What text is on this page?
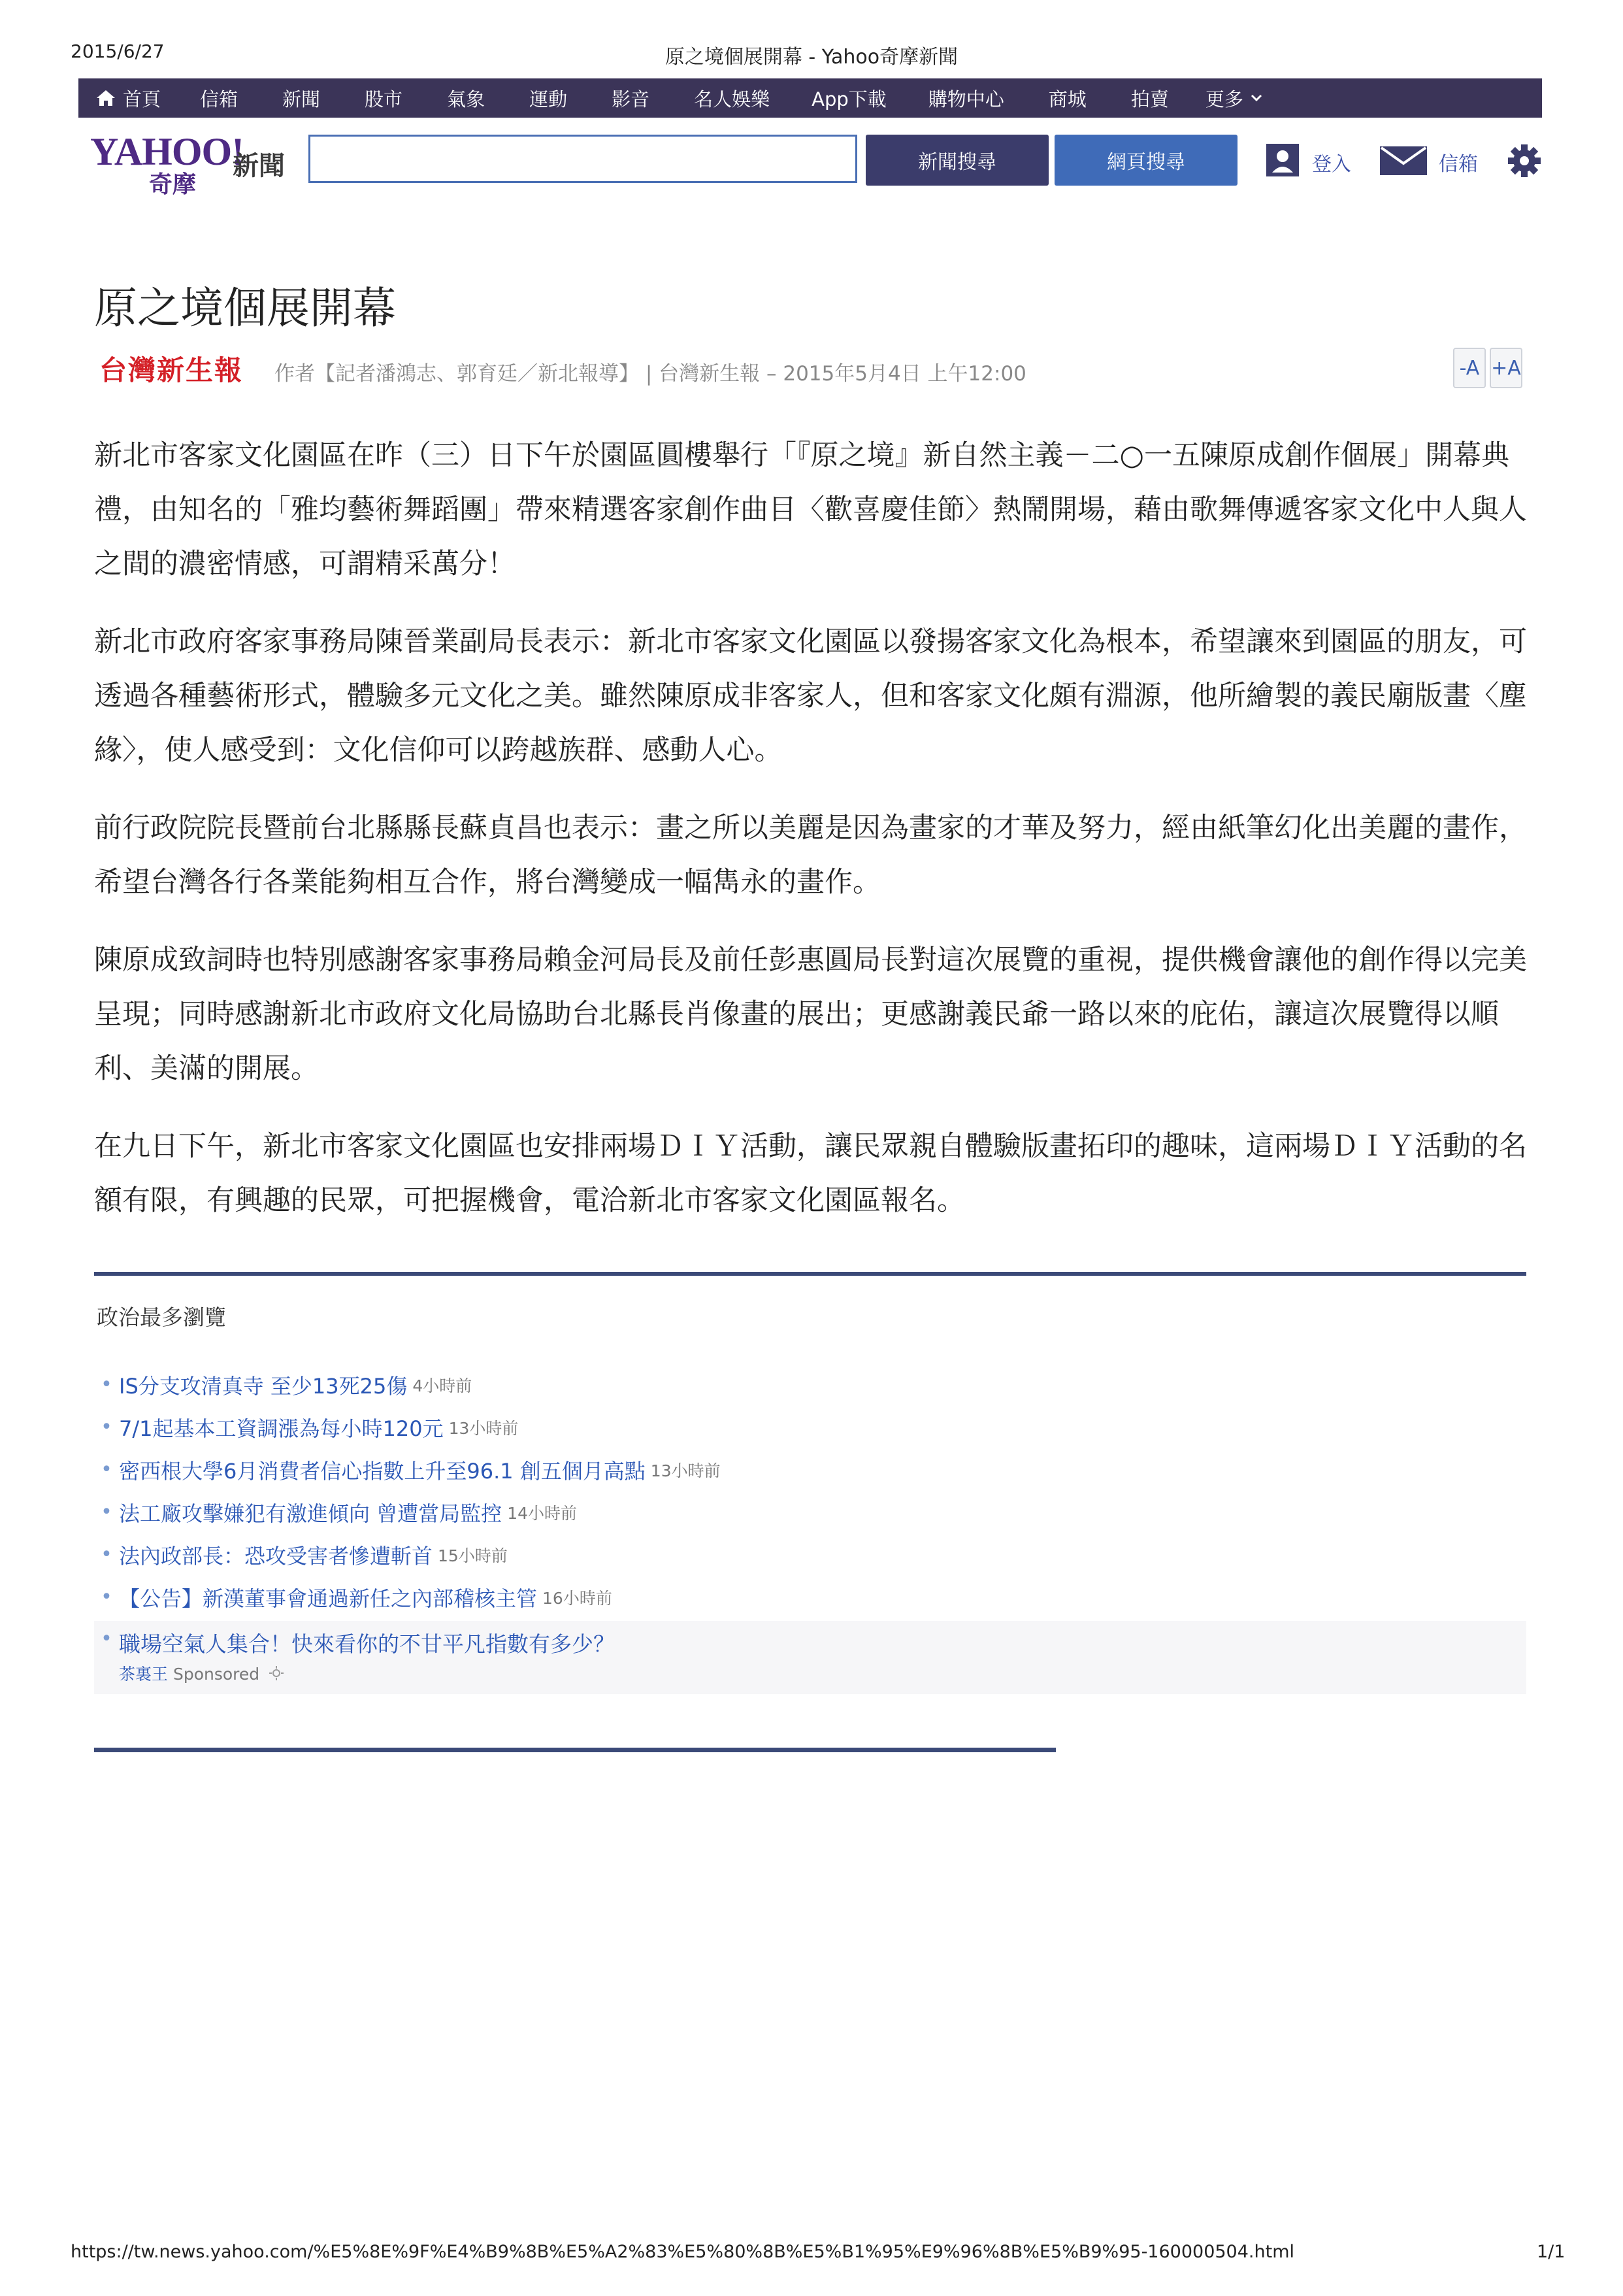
2015/6/27	原之境個展開幕 - Yahoo奇摩新聞
首頁 信箱 新聞 股市 氣象 運動 影音 名人娛樂 App下載 購物中心 商城 拍賣 更多
YAHOO!
奇摩
新聞	新聞搜尋	網頁搜尋	登入	信箱
原之境個展開幕
台灣新生報 作者【記者潘鴻志、郭育廷／新北報導】 | 台灣新生報 – 2015年5月4日 上午12:00	-A +A

新北市客家文化園區在昨（三）日下午於園區圓樓舉行「『原之境』新自然主義－二○一五陳原成創作個展」開幕典禮，由知名的「雅均藝術舞蹈團」帶來精選客家創作曲目〈歡喜慶佳節〉熱鬧開場，藉由歌舞傳遞客家文化中人與人之間的濃密情感，可謂精采萬分！

新北市政府客家事務局陳晉業副局長表示：新北市客家文化園區以發揚客家文化為根本，希望讓來到園區的朋友，可透過各種藝術形式，體驗多元文化之美。雖然陳原成非客家人，但和客家文化頗有淵源，他所繪製的義民廟版畫〈塵緣〉，使人感受到：文化信仰可以跨越族群、感動人心。

前行政院院長暨前台北縣縣長蘇貞昌也表示：畫之所以美麗是因為畫家的才華及努力，經由紙筆幻化出美麗的畫作，希望台灣各行各業能夠相互合作，將台灣變成一幅雋永的畫作。

陳原成致詞時也特別感謝客家事務局賴金河局長及前任彭惠圓局長對這次展覽的重視，提供機會讓他的創作得以完美呈現；同時感謝新北市政府文化局協助台北縣長肖像畫的展出；更感謝義民爺一路以來的庇佑，讓這次展覽得以順利、美滿的開展。

在九日下午，新北市客家文化園區也安排兩場ＤＩＹ活動，讓民眾親自體驗版畫拓印的趣味，這兩場ＤＩＹ活動的名額有限，有興趣的民眾，可把握機會，電洽新北市客家文化園區報名。

政治最多瀏覽
• IS分支攻清真寺 至少13死25傷 4小時前
• 7/1起基本工資調漲為每小時120元 13小時前
• 密西根大學6月消費者信心指數上升至96.1 創五個月高點 13小時前
• 法工廠攻擊嫌犯有激進傾向 曾遭當局監控 14小時前
• 法內政部長：恐攻受害者慘遭斬首 15小時前
• 【公告】新漢董事會通過新任之內部稽核主管 16小時前
• 職場空氣人集合！快來看你的不甘平凡指數有多少？
茶裏王 Sponsored
https://tw.news.yahoo.com/%E5%8E%9F%E4%B9%8B%E5%A2%83%E5%80%8B%E5%B1%95%E9%96%8B%E5%B9%95-160000504.html	1/1
